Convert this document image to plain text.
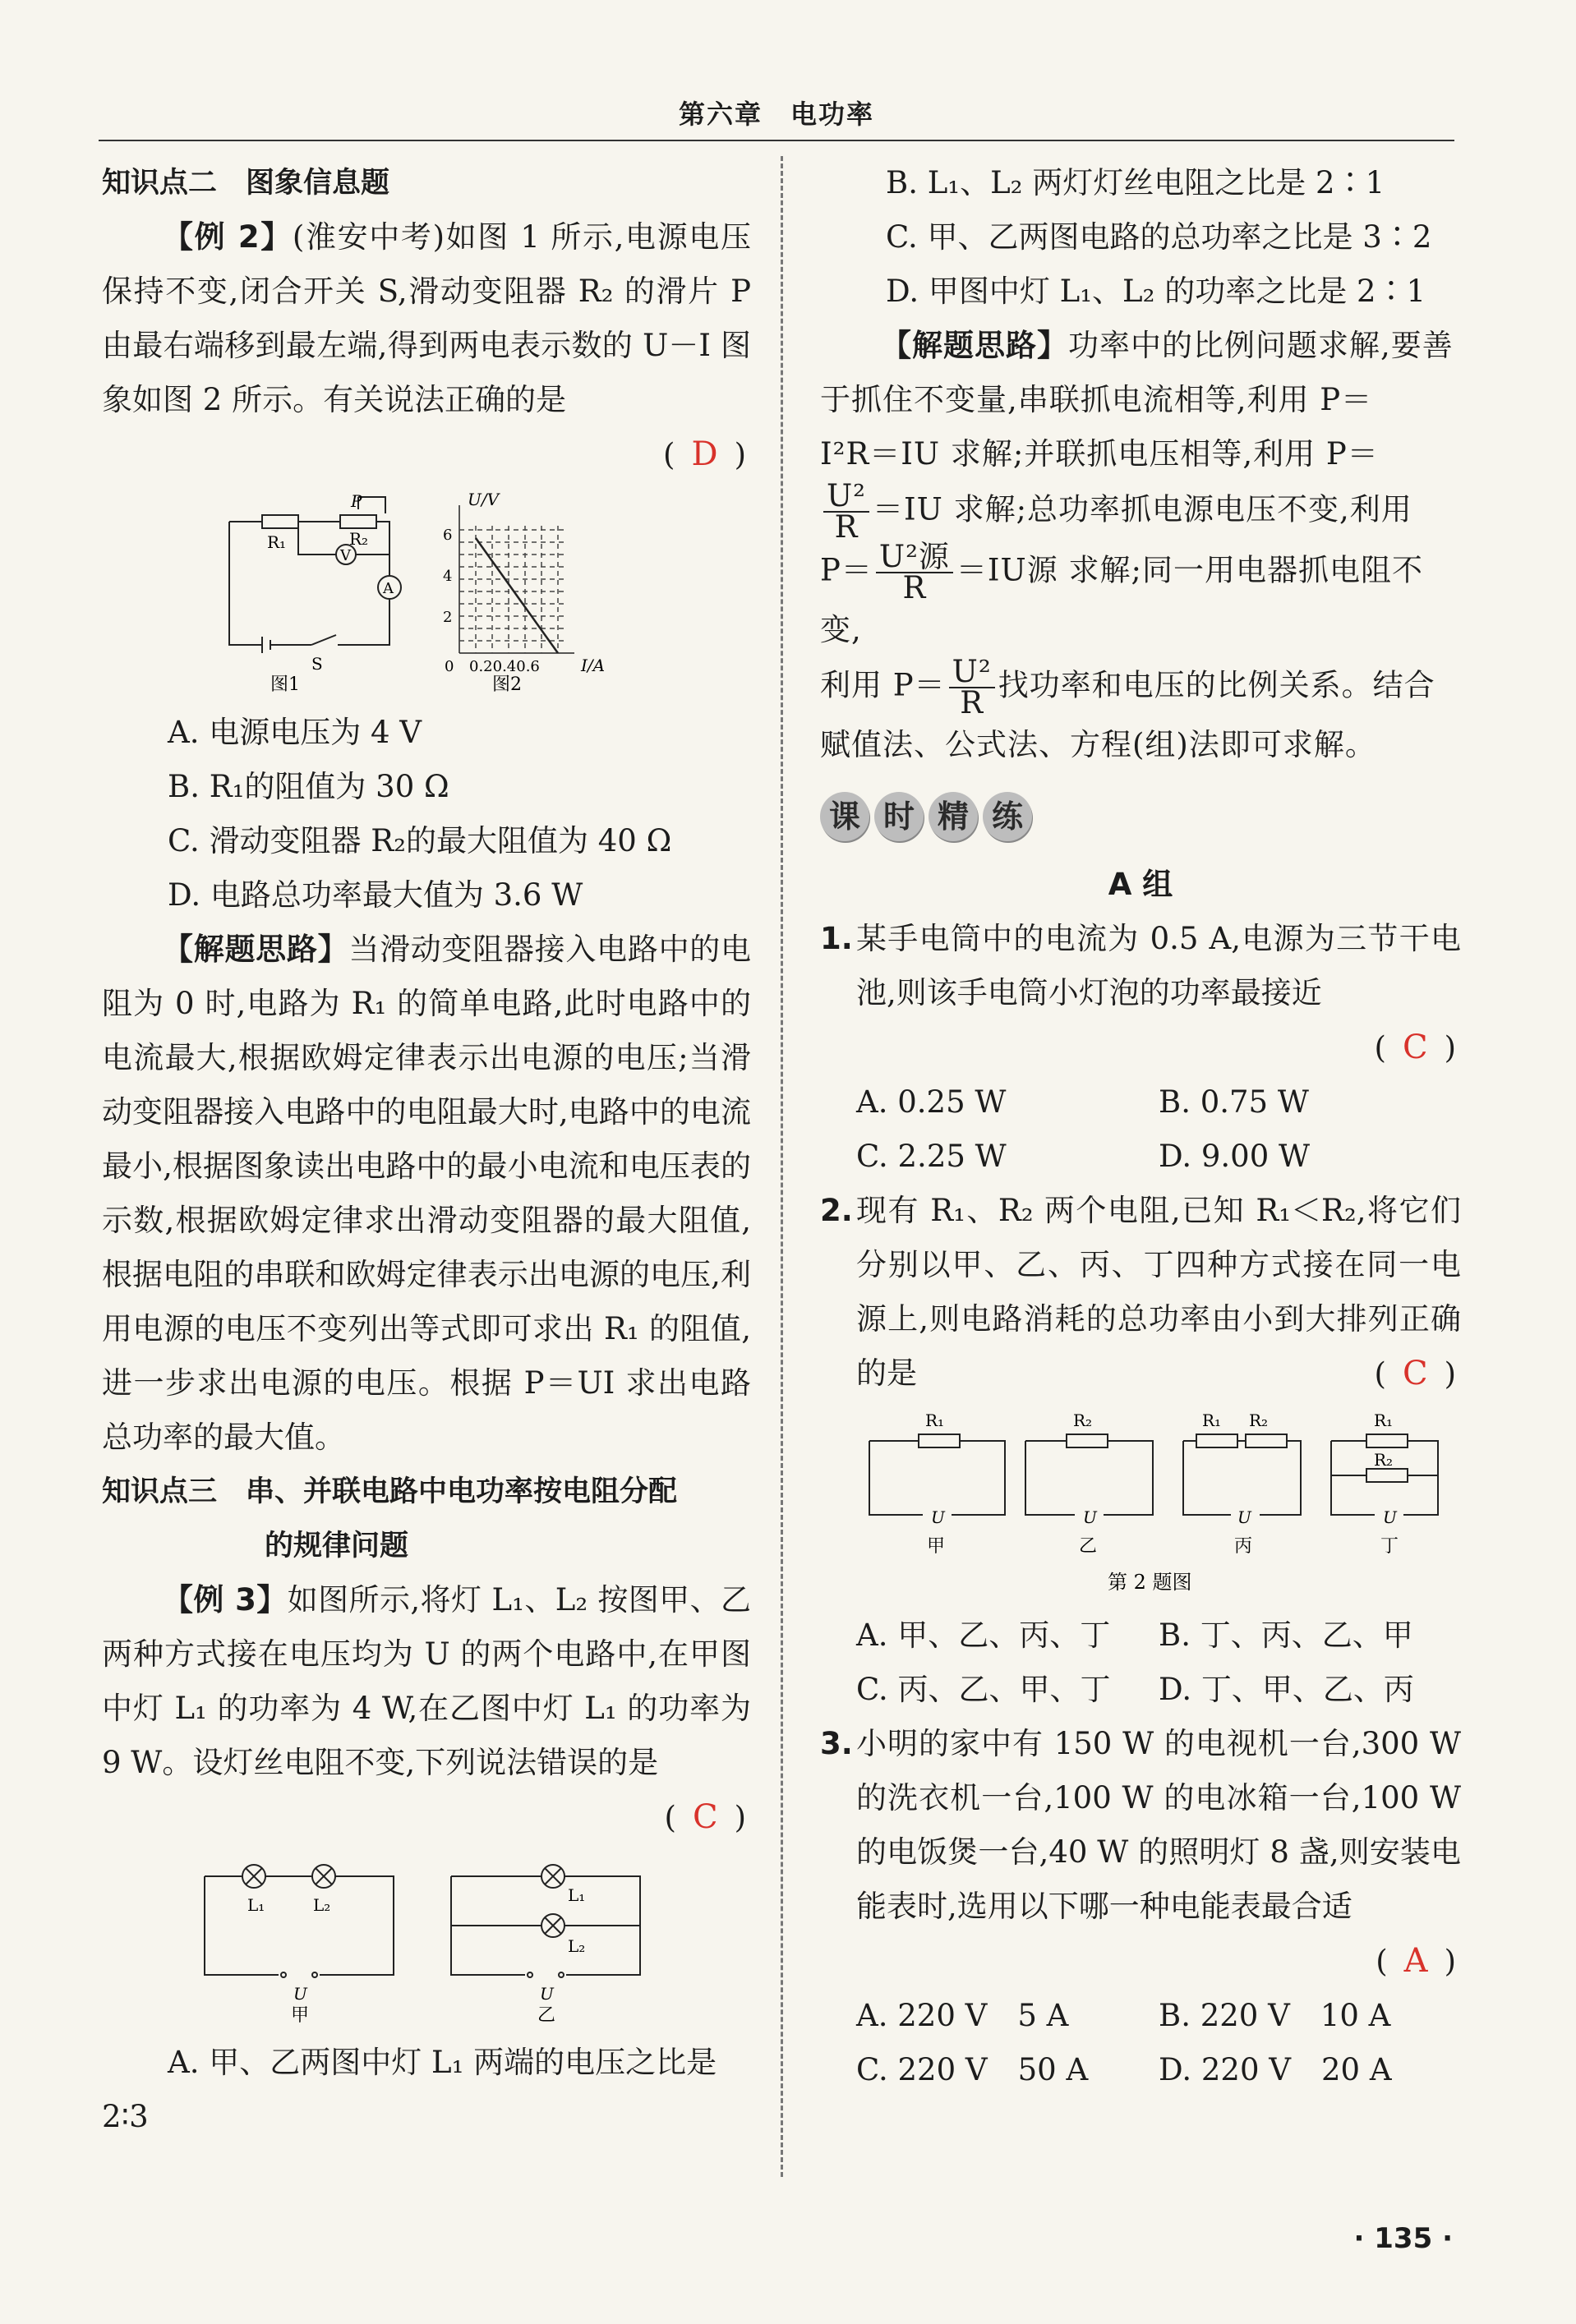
第六章　电功率
知识点二　图象信息题

【例 2】(淮安中考)如图 1 所示,电源电压保持不变,闭合开关 S,滑动变阻器 R₂ 的滑片 P 由最右端移到最左端,得到两电表示数的 U－I 图象如图 2 所示。有关说法正确的是

( D )
R₁	R₂
P
V
A
S
图1
U/V
6
4
2
0 0.20.40.6	I/A
图2
A. 电源电压为 4 V
B. R₁的阻值为 30 Ω
C. 滑动变阻器 R₂的最大阻值为 40 Ω
D. 电路总功率最大值为 3.6 W

【解题思路】当滑动变阻器接入电路中的电阻为 0 时,电路为 R₁ 的简单电路,此时电路中的电流最大,根据欧姆定律表示出电源的电压;当滑动变阻器接入电路中的电阻最大时,电路中的电流最小,根据图象读出电路中的最小电流和电压表的示数,根据欧姆定律求出滑动变阻器的最大阻值,根据电阻的串联和欧姆定律表示出电源的电压,利用电源的电压不变列出等式即可求出 R₁ 的阻值,进一步求出电源的电压。根据 P＝UI 求出电路总功率的最大值。

知识点三　串、并联电路中电功率按电阻分配
的规律问题

【例 3】如图所示,将灯 L₁、L₂ 按图甲、乙两种方式接在电压均为 U 的两个电路中,在甲图中灯 L₁ 的功率为 4 W,在乙图中灯 L₁ 的功率为 9 W。设灯丝电阻不变,下列说法错误的是

( C )
L₁	L₂
U
甲
L₁
L₂
U
乙
A. 甲、乙两图中灯 L₁ 两端的电压之比是
2∶3
B. L₁、L₂ 两灯灯丝电阻之比是 2∶1
C. 甲、乙两图电路的总功率之比是 3∶2
D. 甲图中灯 L₁、L₂ 的功率之比是 2∶1
【解题思路】功率中的比例问题求解,要善于抓住不变量,串联抓电流相等,利用 P＝
I²R＝IU 求解;并联抓电压相等,利用 P＝
$\frac{\text{U²}}{R} =IU$ 求解;总功率抓电源电压不变,利用
$P= \frac{\text{U²源}}{R} =IU$源 求解;同一用电器抓电阻不变,
利用 $P= \frac{\text{U²}}{R}$ 找功率和电压的比例关系。结合
赋值法、公式法、方程(组)法即可求解。
课 时 精 练
A 组
1. 某手电筒中的电流为 0.5 A,电源为三节干电池,则该手电筒小灯泡的功率最接近
( C )
A. 0.25 W	B. 0.75 W
C. 2.25 W	D. 9.00 W
2. 现有 R₁、R₂ 两个电阻,已知 R₁＜R₂,将它们分别以甲、乙、丙、丁四种方式接在同一电源上,则电路消耗的总功率由小到大排列正确的是	( C )
R₁
U
甲
R₂
U
乙
R₁ R₂
U
丙
R₁
R₂
U
丁
第 2 题图
A. 甲、乙、丙、丁	B. 丁、丙、乙、甲
C. 丙、乙、甲、丁	D. 丁、甲、乙、丙
3. 小明的家中有 150 W 的电视机一台,300 W 的洗衣机一台,100 W 的电冰箱一台,100 W 的电饭煲一台,40 W 的照明灯 8 盏,则安装电能表时,选用以下哪一种电能表最合适
( A )
A. 220 V　5 A	B. 220 V　10 A
C. 220 V　50 A	D. 220 V　20 A
· 135 ·
